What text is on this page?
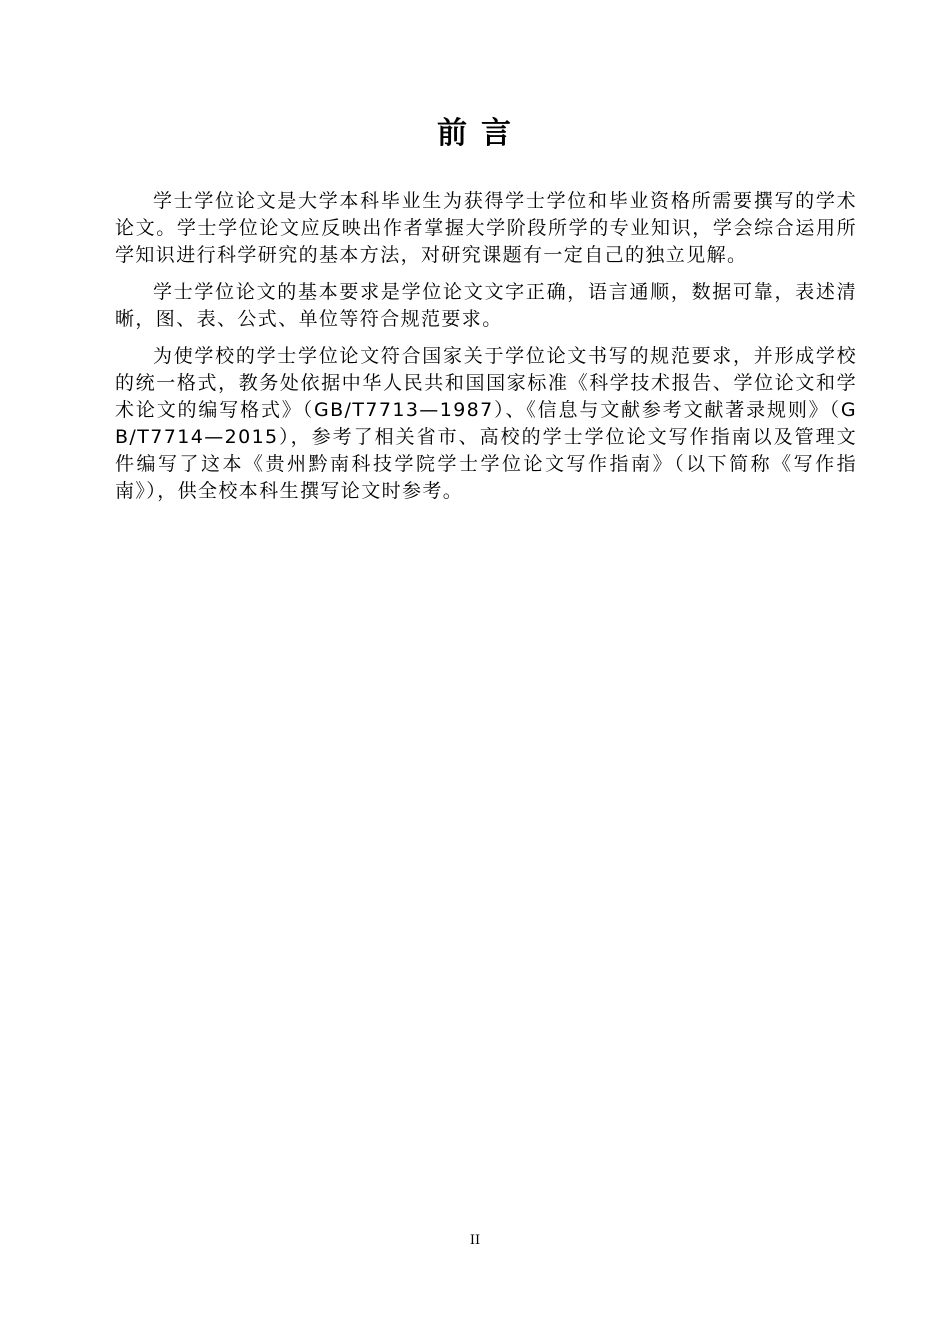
前言

学士学位论文是大学本科毕业生为获得学士学位和毕业资格所需要撰写的学术论文。学士学位论文应反映出作者掌握大学阶段所学的专业知识，学会综合运用所学知识进行科学研究的基本方法，对研究课题有一定自己的独立见解。

学士学位论文的基本要求是学位论文文字正确，语言通顺，数据可靠，表述清晰，图、表、公式、单位等符合规范要求。

为使学校的学士学位论文符合国家关于学位论文书写的规范要求，并形成学校的统一格式，教务处依据中华人民共和国国家标准《科学技术报告、学位论文和学术论文的编写格式》（GB/T7713—1987）、《信息与文献参考文献著录规则》（GB/T7714—2015），参考了相关省市、高校的学士学位论文写作指南以及管理文件编写了这本《贵州黔南科技学院学士学位论文写作指南》（以下简称《写作指南》），供全校本科生撰写论文时参考。

II
